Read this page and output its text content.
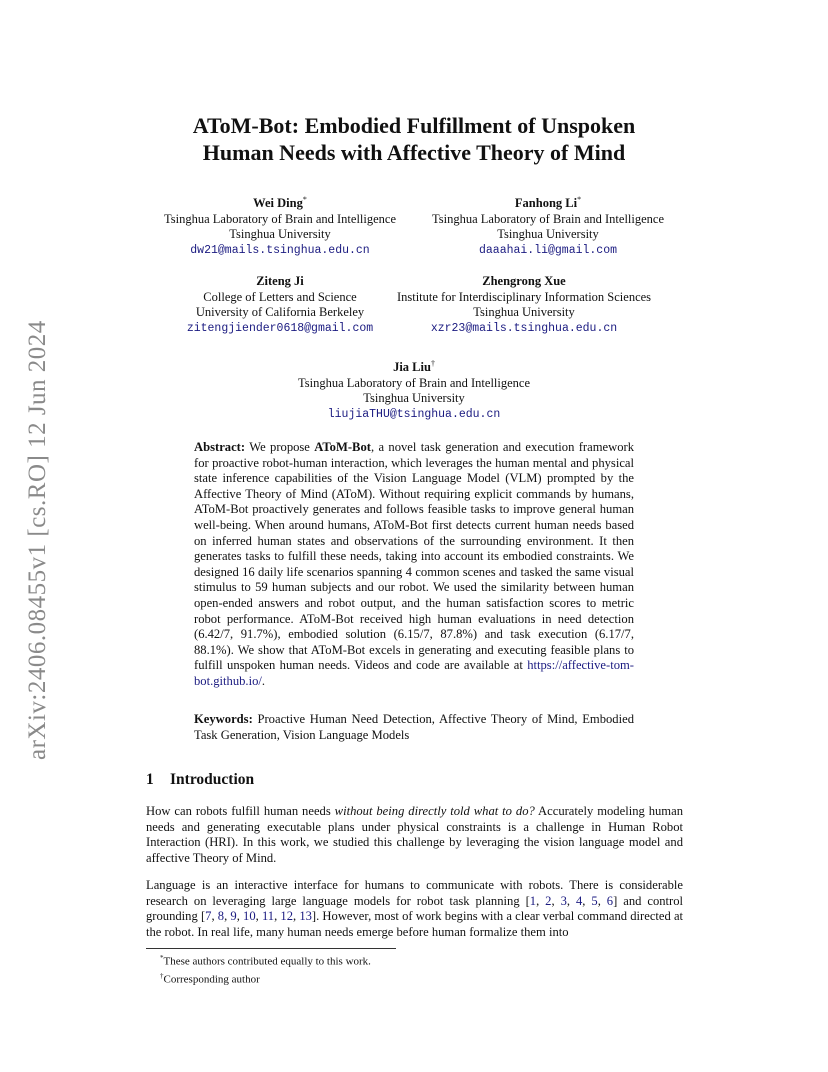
arXiv:2406.08455v1 [cs.RO] 12 Jun 2024
AToM-Bot: Embodied Fulfillment of Unspoken
Human Needs with Affective Theory of Mind
Wei Ding*
Tsinghua Laboratory of Brain and Intelligence
Tsinghua University
dw21@mails.tsinghua.edu.cn
Fanhong Li*
Tsinghua Laboratory of Brain and Intelligence
Tsinghua University
daaahai.li@gmail.com
Ziteng Ji
College of Letters and Science
University of California Berkeley
zitengjiender0618@gmail.com
Zhengrong Xue
Institute for Interdisciplinary Information Sciences
Tsinghua University
xzr23@mails.tsinghua.edu.cn
Jia Liu†
Tsinghua Laboratory of Brain and Intelligence
Tsinghua University
liujiaTHU@tsinghua.edu.cn
Abstract: We propose AToM-Bot, a novel task generation and execution framework for proactive robot-human interaction, which leverages the human mental and physical state inference capabilities of the Vision Language Model (VLM) prompted by the Affective Theory of Mind (AToM). Without requiring explicit commands by humans, AToM-Bot proactively generates and follows feasible tasks to improve general human well-being. When around humans, AToM-Bot first detects current human needs based on inferred human states and observations of the surrounding environment. It then generates tasks to fulfill these needs, taking into account its embodied constraints. We designed 16 daily life scenarios spanning 4 common scenes and tasked the same visual stimulus to 59 human subjects and our robot. We used the similarity between human open-ended answers and robot output, and the human satisfaction scores to metric robot performance. AToM-Bot received high human evaluations in need detection (6.42/7, 91.7%), embodied solution (6.15/7, 87.8%) and task execution (6.17/7, 88.1%). We show that AToM-Bot excels in generating and executing feasible plans to fulfill unspoken human needs. Videos and code are available at https://affective-tom-bot.github.io/.
Keywords: Proactive Human Need Detection, Affective Theory of Mind, Embodied Task Generation, Vision Language Models
1 Introduction
How can robots fulfill human needs without being directly told what to do? Accurately modeling human needs and generating executable plans under physical constraints is a challenge in Human Robot Interaction (HRI). In this work, we studied this challenge by leveraging the vision language model and affective Theory of Mind.
Language is an interactive interface for humans to communicate with robots. There is considerable research on leveraging large language models for robot task planning [1, 2, 3, 4, 5, 6] and control grounding [7, 8, 9, 10, 11, 12, 13]. However, most of work begins with a clear verbal command directed at the robot. In real life, many human needs emerge before human formalize them into
*These authors contributed equally to this work.
†Corresponding author
